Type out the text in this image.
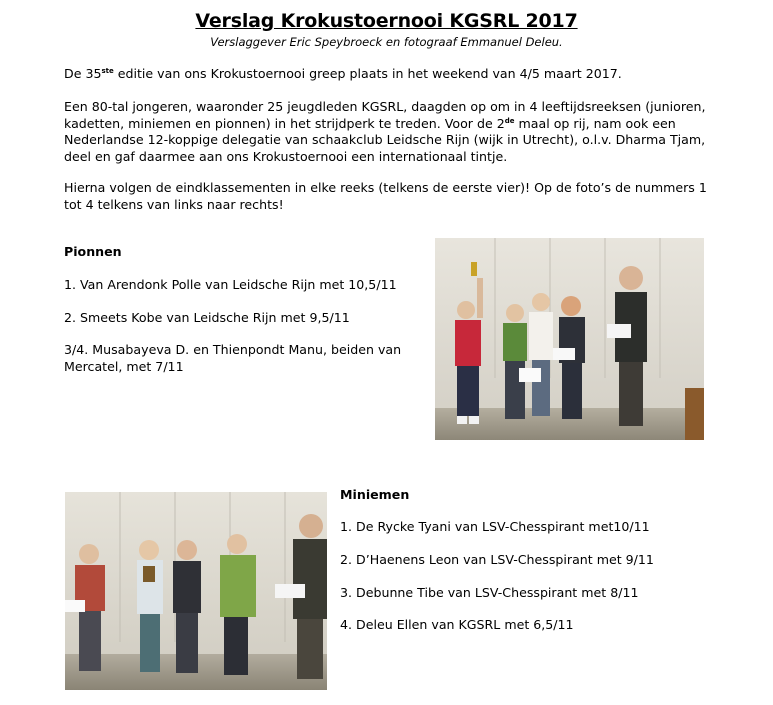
Verslag Krokustoernooi KGSRL 2017
Verslaggever Eric Speybroeck en fotograaf Emmanuel Deleu.
De 35ste editie van ons Krokustoernooi greep plaats in het weekend van 4/5 maart 2017.
Een 80-tal jongeren, waaronder 25 jeugdleden KGSRL, daagden op om in 4 leeftijdsreeksen (junioren, kadetten, miniemen en pionnen) in het strijdperk te treden. Voor de 2de maal op rij, nam ook een Nederlandse 12-koppige delegatie van schaakclub Leidsche Rijn (wijk in Utrecht), o.l.v. Dharma Tjam, deel en gaf daarmee aan ons Krokustoernooi een internationaal tintje.
Hierna volgen de eindklassementen in elke reeks (telkens de eerste vier)! Op de foto’s de nummers 1 tot 4 telkens van links naar rechts!
Pionnen
1. Van Arendonk Polle van Leidsche Rijn met 10,5/11
2. Smeets Kobe van Leidsche Rijn met 9,5/11
3/4. Musabayeva D. en Thienpondt Manu, beiden van Mercatel, met 7/11
Miniemen
1. De Rycke Tyani van LSV-Chesspirant met10/11
2. D’Haenens Leon van LSV-Chesspirant met 9/11
3. Debunne Tibe van LSV-Chesspirant met 8/11
4. Deleu Ellen van KGSRL met 6,5/11
